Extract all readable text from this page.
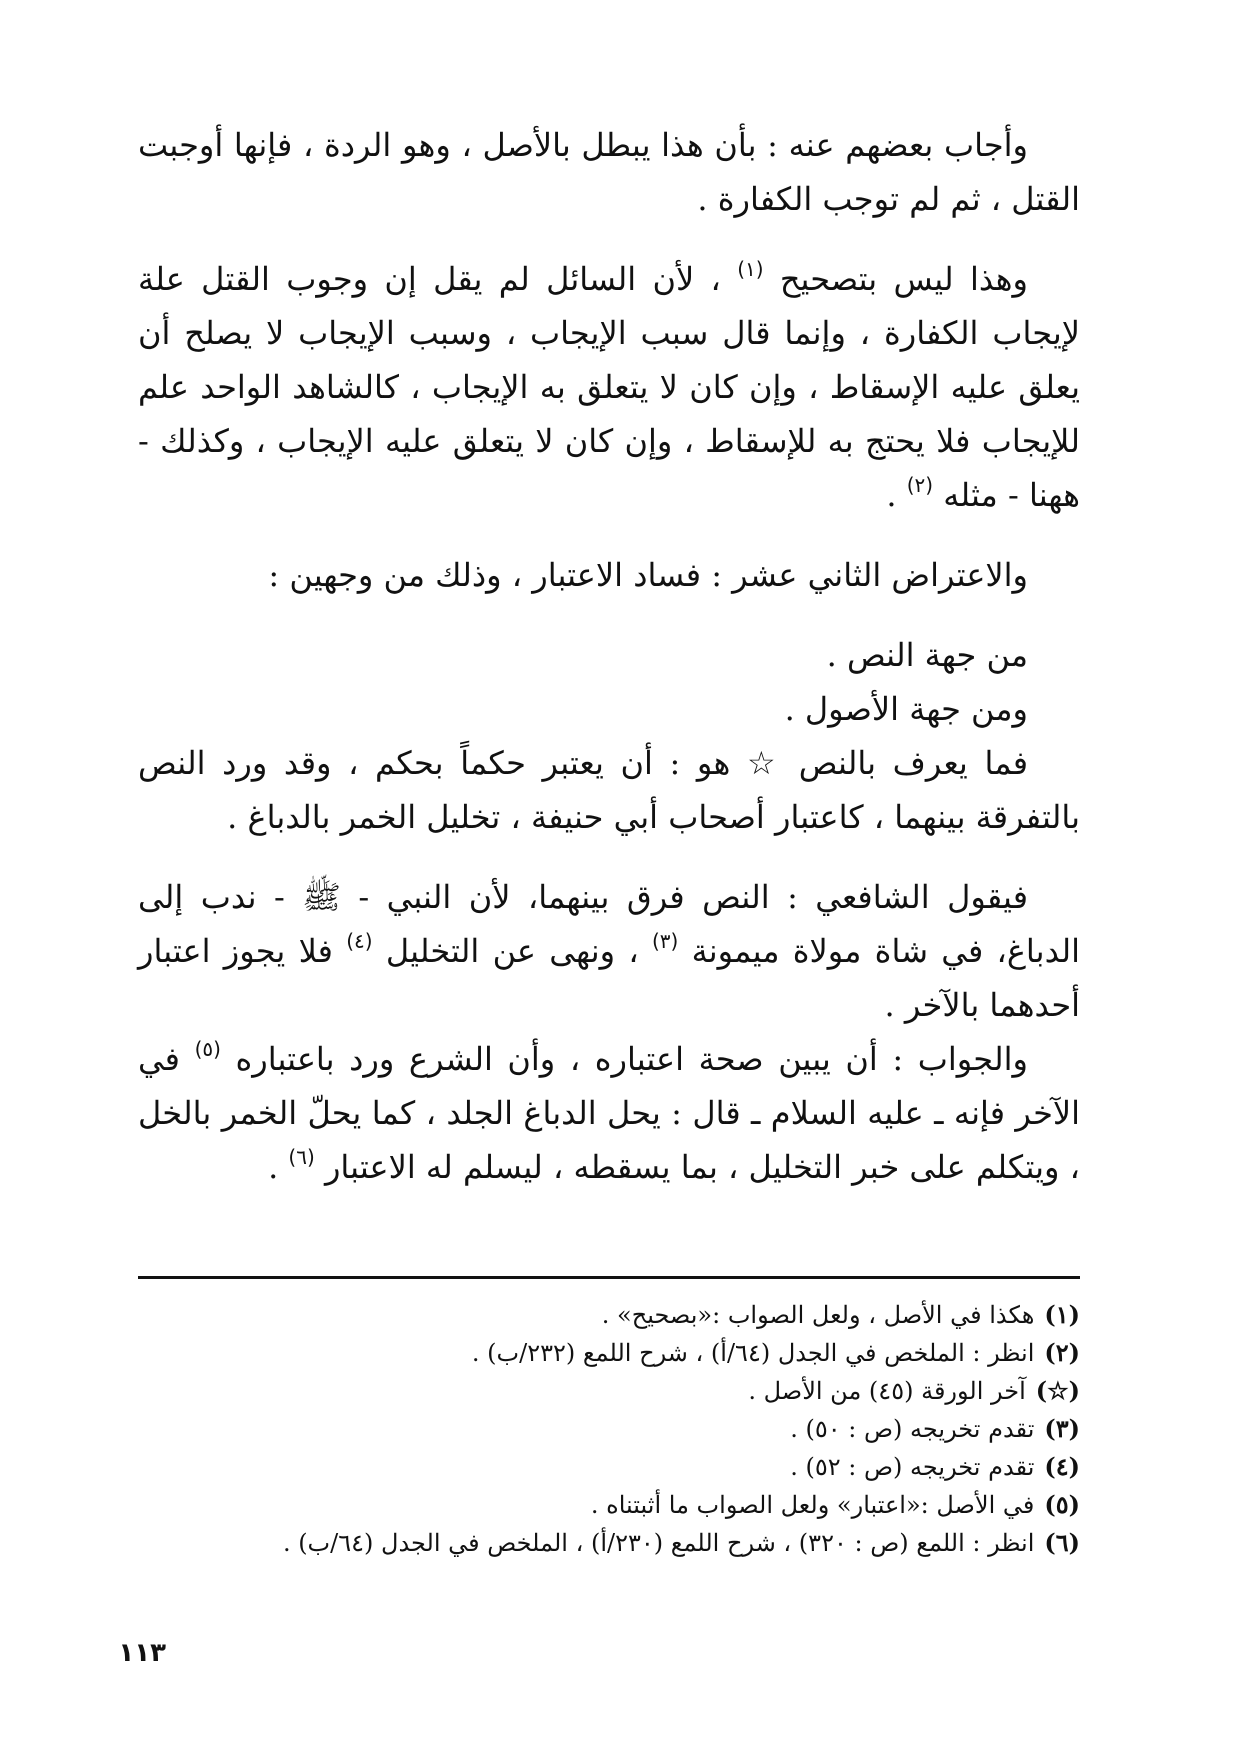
وأجاب بعضهم عنه : بأن هذا يبطل بالأصل ، وهو الردة ، فإنها أوجبت القتل ، ثم لم توجب الكفارة .

وهذا ليس بتصحيح $^{(١)}$ ، لأن السائل لم يقل إن وجوب القتل علة لإيجاب الكفارة ، وإنما قال سبب الإيجاب ، وسبب الإيجاب لا يصلح أن يعلق عليه الإسقاط ، وإن كان لا يتعلق به الإيجاب ، كالشاهد الواحد علم للإيجاب فلا يحتج به للإسقاط ، وإن كان لا يتعلق عليه الإيجاب ، وكذلك - ههنا - مثله $^{(٢)}$ .

والاعتراض الثاني عشر : فساد الاعتبار ، وذلك من وجهين :

من جهة النص .

ومن جهة الأصول .

فما يعرف بالنص ☆ هو : أن يعتبر حكماً بحكم ، وقد ورد النص بالتفرقة بينهما ، كاعتبار أصحاب أبي حنيفة ، تخليل الخمر بالدباغ .

فيقول الشافعي : النص فرق بينهما، لأن النبي - ﷺ - ندب إلى الدباغ، في شاة مولاة ميمونة $^{(٣)}$ ، ونهى عن التخليل $^{(٤)}$ فلا يجوز اعتبار أحدهما بالآخر .

والجواب : أن يبين صحة اعتباره ، وأن الشرع ورد باعتباره $^{(٥)}$ في الآخر فإنه ـ عليه السلام ـ قال : يحل الدباغ الجلد ، كما يحلّ الخمر بالخل ، ويتكلم على خبر التخليل ، بما يسقطه ، ليسلم له الاعتبار $^{(٦)}$ .

(١)
هكذا في الأصل ، ولعل الصواب :«بصحيح» .
(٢)
انظر : الملخص في الجدل (٦٤/أ) ، شرح اللمع (٢٣٢/ب) .
(☆)
آخر الورقة (٤٥) من الأصل .
(٣)
تقدم تخريجه (ص : ٥٠) .
(٤)
تقدم تخريجه (ص : ٥٢) .
(٥)
في الأصل :«اعتبار» ولعل الصواب ما أثبتناه .
(٦)
انظر : اللمع (ص : ٣٢٠) ، شرح اللمع (٢٣٠/أ) ، الملخص في الجدل (٦٤/ب) .
١١٣
